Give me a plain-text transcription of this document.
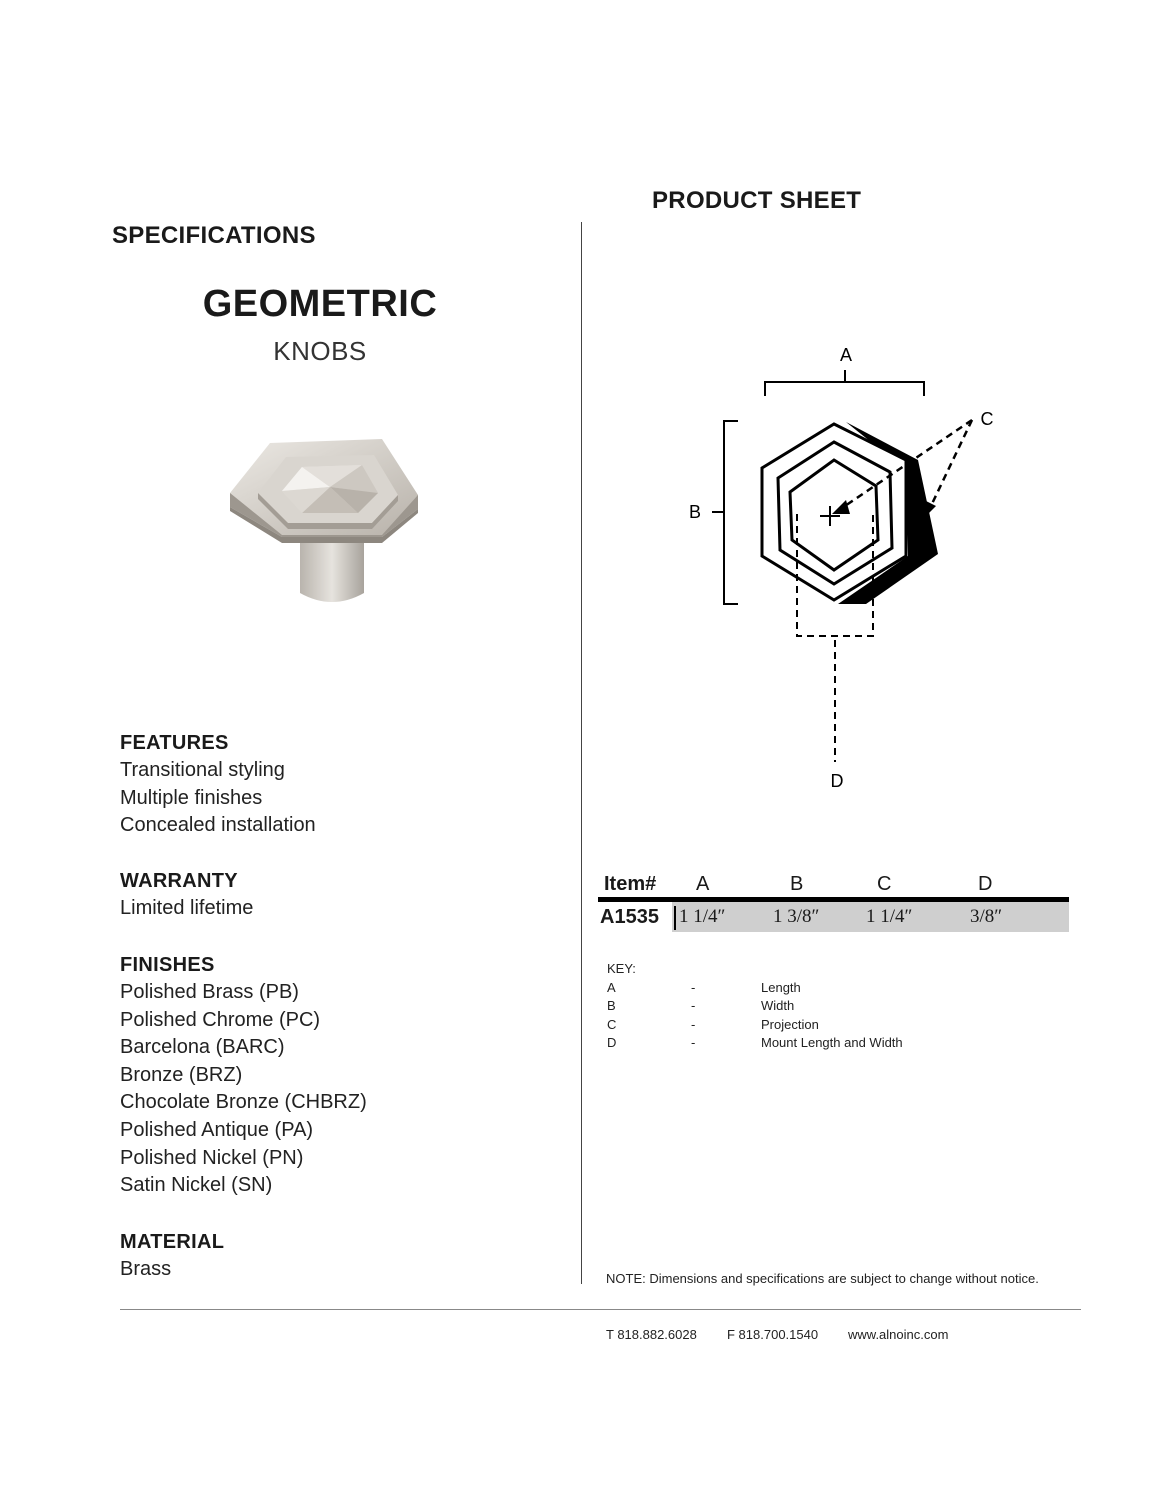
SPECIFICATIONS
PRODUCT SHEET
GEOMETRIC
KNOBS
FEATURES
Transitional styling
Multiple finishes
Concealed installation
WARRANTY
Limited lifetime
FINISHES
Polished Brass (PB)
Polished Chrome (PC)
Barcelona (BARC)
Bronze (BRZ)
Chocolate Bronze (CHBRZ)
Polished Antique (PA)
Polished Nickel (PN)
Satin Nickel (SN)
MATERIAL
Brass
A
B
C
D
Item# A	B	C	D
A1535 1 1/4″	1 3/8″ 1 1/4″	3/8″
KEY:
A	-	Length
B	-	Width
C	-	Projection
D	-	Mount Length and Width
NOTE: Dimensions and specifications are subject to change without notice.
T 818.882.6028 F 818.700.1540 www.alnoinc.com
